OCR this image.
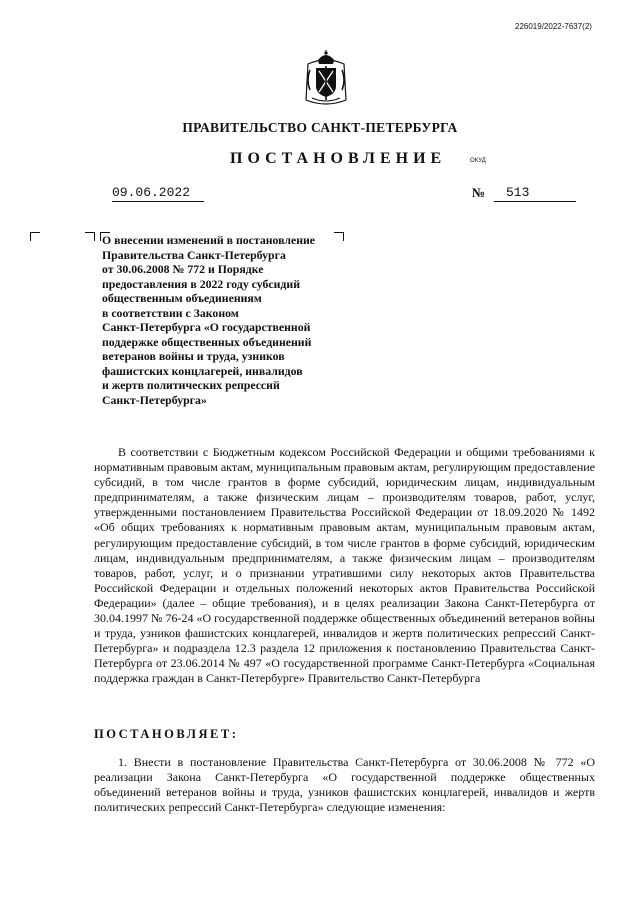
226019/2022-7637(2)
ПРАВИТЕЛЬСТВО САНКТ-ПЕТЕРБУРГА
ПОСТАНОВЛЕНИЕ	ОКУД
09.06.2022	№	513
О внесении изменений в постановление
Правительства Санкт-Петербурга
от 30.06.2008 № 772 и Порядке
предоставления в 2022 году субсидий
общественным объединениям
в соответствии с Законом
Санкт-Петербурга «О государственной
поддержке общественных объединений
ветеранов войны и труда, узников
фашистских концлагерей, инвалидов
и жертв политических репрессий
Санкт-Петербурга»
В соответствии с Бюджетным кодексом Российской Федерации и общими требованиями к нормативным правовым актам, муниципальным правовым актам, регулирующим предоставление субсидий, в том числе грантов в форме субсидий, юридическим лицам, индивидуальным предпринимателям, а также физическим лицам – производителям товаров, работ, услуг, утвержденными постановлением Правительства Российской Федерации от 18.09.2020 № 1492 «Об общих требованиях к нормативным правовым актам, муниципальным правовым актам, регулирующим предоставление субсидий, в том числе грантов в форме субсидий, юридическим лицам, индивидуальным предпринимателям, а также физическим лицам – производителям товаров, работ, услуг, и о признании утратившими силу некоторых актов Правительства Российской Федерации и отдельных положений некоторых актов Правительства Российской Федерации» (далее – общие требования), и в целях реализации Закона Санкт-Петербурга от 30.04.1997 № 76-24 «О государственной поддержке общественных объединений ветеранов войны и труда, узников фашистских концлагерей, инвалидов и жертв политических репрессий Санкт-Петербурга» и подраздела 12.3 раздела 12 приложения к постановлению Правительства Санкт-Петербурга от 23.06.2014 № 497 «О государственной программе Санкт-Петербурга «Социальная поддержка граждан в Санкт-Петербурге» Правительство Санкт-Петербурга
ПОСТАНОВЛЯЕТ:
1. Внести в постановление Правительства Санкт-Петербурга от 30.06.2008 № 772 «О реализации Закона Санкт-Петербурга «О государственной поддержке общественных объединений ветеранов войны и труда, узников фашистских концлагерей, инвалидов и жертв политических репрессий Санкт-Петербурга» следующие изменения:
